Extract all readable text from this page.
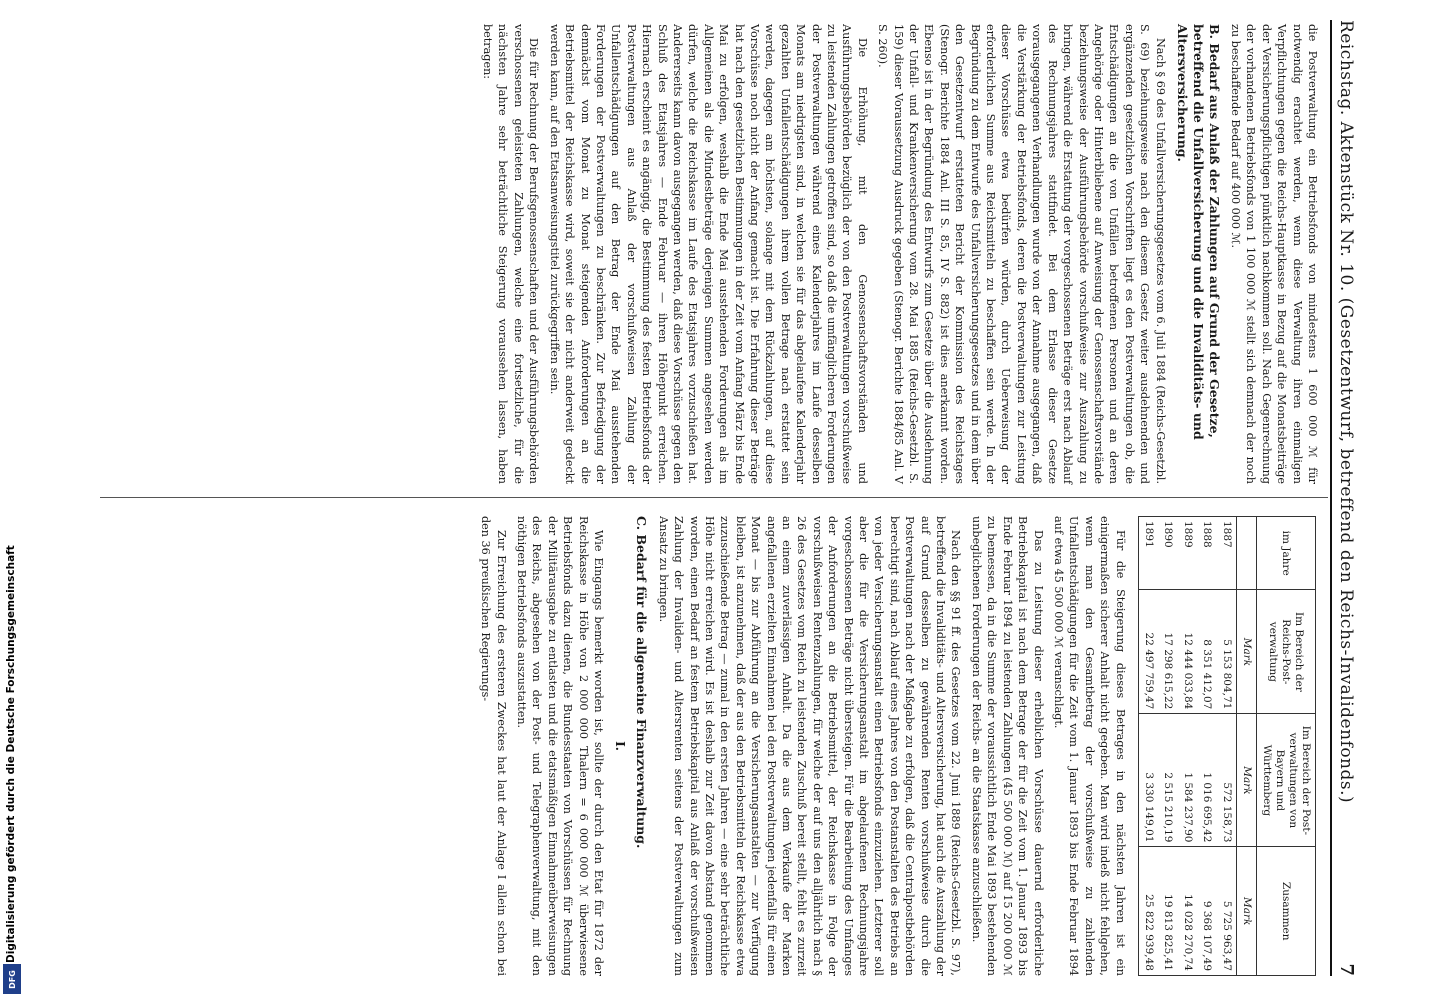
Digitalisierung gefördert durch die Deutsche Forschungsgemeinschaft
DFG
Reichstag. Aktenstück Nr. 10. (Gesetzentwurf, betreffend den Reichs-Invalidenfonds.)
7

die Postverwaltung ein Betriebsfonds von mindestens 1 600 000 ℳ für notwendig erachtet werden, wenn diese Verwaltung ihren einmaligen Verpflichtungen gegen die Reichs-Hauptkasse in Bezug auf die Monatsbeiträge der Versicherungspflichtigen pünktlich nachkommen soll. Nach Gegenrechnung der vorhandenen Betriebsfonds von 1 100 000 ℳ stellt sich demnach der noch zu beschaffende Bedarf auf 400 000 ℳ.

B. Bedarf aus Anlaß der Zahlungen auf Grund der Gesetze, betreffend die Unfallversicherung und die Invaliditäts- und Altersversicherung.

Nach § 69 des Unfallversicherungsgesetzes vom 6. Juli 1884 (Reichs-Gesetzbl. S. 69) beziehungsweise nach den diesem Gesetz weiter ausdehnenden und ergänzenden gesetzlichen Vorschriften liegt es den Postverwaltungen ob, die Entschädigungen an die von Unfällen betroffenen Personen und an deren Angehörige oder Hinterbliebene auf Anweisung der Genossenschaftsvorstände beziehungsweise der Ausführungsbehörde vorschußweise zur Auszahlung zu bringen, während die Erstattung der vorgeschossenen Beträge erst nach Ablauf des Rechnungsjahres stattfindet. Bei dem Erlasse dieser Gesetze vorausgegangenen Verhandlungen wurde von der Annahme ausgegangen, daß die Verstärkung der Betriebsfonds, deren die Postverwaltungen zur Leistung dieser Vorschüsse etwa bedürfen würden, durch Ueberweisung der erforderlichen Summe aus Reichsmitteln zu beschaffen sein werde. In der Begründung zu dem Entwurfe des Unfallversicherungsgesetzes und in dem über den Gesetzentwurf erstatteten Bericht der Kommission des Reichstages (Stenogr. Berichte 1884 Anl. III S. 85, IV S. 882) ist dies anerkannt worden. Ebenso ist in der Begründung des Entwurfs zum Gesetze über die Ausdehnung der Unfall- und Krankenversicherung vom 28. Mai 1885 (Reichs-Gesetzbl. S. 159) dieser Voraussetzung Ausdruck gegeben (Stenogr. Berichte 1884/85 Anl. V S. 260).

Die Erhöhung, mit den Genossenschaftsvorständen und Ausführungsbehörden bezüglich der von den Postverwaltungen vorschußweise zu leistenden Zahlungen getroffen sind, so daß die umfänglicheren Forderungen der Postverwaltungen während eines Kalenderjahres im Laufe desselben Monats am niedrigsten sind, in welchen sie für das abgelaufene Kalenderjahr gezahlten Unfallentschädigungen ihrem vollen Betrage nach erstattet sein werden, dagegen am höchsten, solange mit dem Rückzahlungen, auf diese Vorschüsse noch nicht der Anfang gemacht ist. Die Erfahrung dieser Beträge hat nach den gesetzlichen Bestimmungen in der Zeit vom Anfang März bis Ende Mai zu erfolgen, weshalb die Ende Mai ausstehenden Forderungen als im Allgemeinen als die Mindestbeträge derjenigen Summen angesehen werden dürfen, welche die Reichskasse im Laufe des Etatsjahres vorzuschießen hat. Andererseits kann davon ausgegangen werden, daß diese Vorschüsse gegen den Schluß des Etatsjahres — Ende Februar — ihren Höhepunkt erreichen. Hiernach erscheint es angängig, die Bestimmung des festen Betriebsfonds der Postverwaltungen aus Anlaß der vorschußweisen Zahlung der Unfallentschädigungen auf den Betrag der Ende Mai ausstehenden Forderungen der Postverwaltungen zu beschränken. Zur Befriedigung der demnächst vom Monat zu Monat steigenden Anforderungen an die Betriebsmittel der Reichskasse wird, soweit sie der nicht anderweit gedeckt werden kann, auf den Etatsanweisungstitel zurückgegriffen sein.

Die für Rechnung der Berufsgenossenschaften und der Ausführungsbehörden verschossenen geleisteten Zahlungen, welche eine fortsetzliche, für die nächsten Jahre sehr beträchtliche Steigerung voraussehen lassen, haben betragen:

im Jahre	Im Bereich der Reichs-Post- verwaltung	Im Bereich der Post- verwaltungen von Bayern und Württemberg	Zusammen
	Mark	Mark	Mark
1887	5 153 804,71	572 158,73	5 725 963,47
1888	8 351 412,07	1 016 695,42	9 368 107,49
1889	12 444 033,84	1 584 237,90	14 028 270,74
1890	17 298 615,22	2 515 210,19	19 813 825,41
1891	22 497 759,47	3 330 149,01	25 822 939,48

Für die Steigerung dieses Betrages in den nächsten Jahren ist ein einigermaßen sicherer Anhalt nicht gegeben. Man wird indeß nicht fehlgehen, wenn man den Gesamtbetrag der vorschußweise zu zahlenden Unfallentschädigungen für die Zeit vom 1. Januar 1893 bis Ende Februar 1894 auf etwa 45 500 000 ℳ veranschlagt.

Das zu Leistung dieser erheblichen Vorschüsse dauernd erforderliche Betriebskapital ist nach dem Betrage der für die Zeit vom 1. Januar 1893 bis Ende Februar 1894 zu leistenden Zahlungen (45 500 000 ℳ) auf 15 200 000 ℳ zu bemessen, da in die Summe der voraussichtlich Ende Mai 1893 bestehenden unbeglichenen Forderungen der Reichs- an die Staatskasse anzuschließen.

Nach den §§ 91 ff. des Gesetzes vom 22. Juni 1889 (Reichs-Gesetzbl. S. 97), betreffend die Invaliditäts- und Altersversicherung, hat auch die Auszahlung der auf Grund desselben zu gewährenden Renten vorschußweise durch die Postverwaltungen nach der Maßgabe zu erfolgen, daß die Centralpostbehörden berechtigt sind, nach Ablauf eines Jahres von den Postanstalten des Betriebs an von jeder Versicherungsanstalt einen Betriebsfonds einzuziehen. Letzterer soll aber die für die Versicherungsanstalt im abgelaufenen Rechnungsjahre vorgeschossenen Beträge nicht übersteigen. Für die Bearbeitung des Umfanges der Anforderungen an die Betriebsmittel, der Reichskasse in Folge der vorschußweisen Rentenzahlungen, für welche der auf uns den alljährlich nach § 26 des Gesetzes vom Reich zu leistenden Zuschuß bereit stellt, fehlt es zurzeit an einem zuverlässigen Anhalt. Da die aus dem Verkaufe der Marken angefallenen erzielten Einnahmen bei den Postverwaltungen jedenfalls für einen Monat — bis zur Abführung an die Versicherungsanstalten — zur Verfügung bleiben, ist anzunehmen, daß der aus den Betriebsmitteln der Reichskasse etwa zuzuschießende Betrag — zumal in den ersten Jahren — eine sehr beträchtliche Höhe nicht erreichen wird. Es ist deshalb zur Zeit davon Abstand genommen worden, einen Bedarf an festem Betriebskapital aus Anlaß der vorschußweisen Zahlung der Invaliden- und Altersrenten seitens der Postverwaltungen zum Ansatz zu bringen.

C. Bedarf für die allgemeine Finanzverwaltung.
I.

Wie Eingangs bemerkt worden ist, sollte der durch den Etat für 1872 der Reichskasse in Höhe von 2 000 000 Thalern = 6 000 000 ℳ überwiesene Betriebsfonds dazu dienen, die Bundesstaaten von Vorschüssen für Rechnung der Militärausgabe zu entlasten und die etatsmäßigen Einnahmeüberweisungen des Reichs, abgesehen von der Post- und Telegraphenverwaltung, mit den nöthigen Betriebsfonds auszustatten.

Zur Erreichung des ersteren Zweckes hat laut der Anlage I allein schon bei den 36 preußischen Regierungs-
